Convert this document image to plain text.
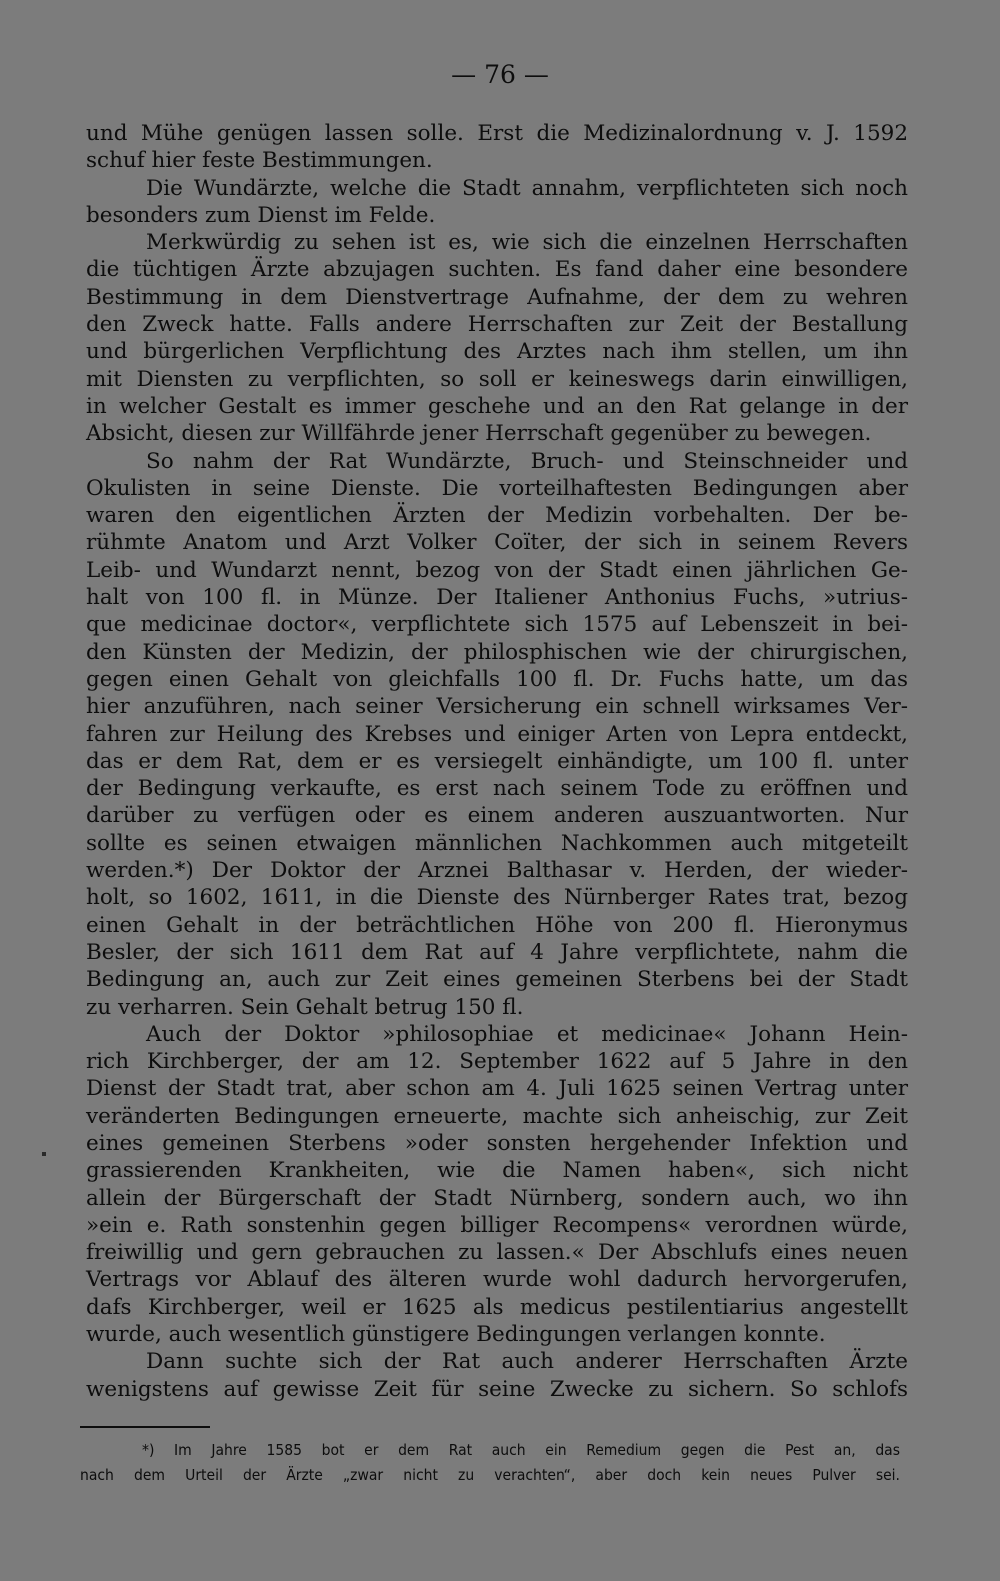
— 76 —
und Mühe genügen lassen solle. Erst die Medizinalordnung v. J. 1592
schuf hier feste Bestimmungen.
Die Wundärzte, welche die Stadt annahm, verpflichteten sich noch
besonders zum Dienst im Felde.
Merkwürdig zu sehen ist es, wie sich die einzelnen Herrschaften
die tüchtigen Ärzte abzujagen suchten. Es fand daher eine besondere
Bestimmung in dem Dienstvertrage Aufnahme, der dem zu wehren
den Zweck hatte. Falls andere Herrschaften zur Zeit der Bestallung
und bürgerlichen Verpflichtung des Arztes nach ihm stellen, um ihn
mit Diensten zu verpflichten, so soll er keineswegs darin einwilligen,
in welcher Gestalt es immer geschehe und an den Rat gelange in der
Absicht, diesen zur Willfährde jener Herrschaft gegenüber zu bewegen.
So nahm der Rat Wundärzte, Bruch- und Steinschneider und
Okulisten in seine Dienste. Die vorteilhaftesten Bedingungen aber
waren den eigentlichen Ärzten der Medizin vorbehalten. Der be-
rühmte Anatom und Arzt Volker Coïter, der sich in seinem Revers
Leib- und Wundarzt nennt, bezog von der Stadt einen jährlichen Ge-
halt von 100 fl. in Münze. Der Italiener Anthonius Fuchs, »utrius-
que medicinae doctor«, verpflichtete sich 1575 auf Lebenszeit in bei-
den Künsten der Medizin, der philosphischen wie der chirurgischen,
gegen einen Gehalt von gleichfalls 100 fl. Dr. Fuchs hatte, um das
hier anzuführen, nach seiner Versicherung ein schnell wirksames Ver-
fahren zur Heilung des Krebses und einiger Arten von Lepra entdeckt,
das er dem Rat, dem er es versiegelt einhändigte, um 100 fl. unter
der Bedingung verkaufte, es erst nach seinem Tode zu eröffnen und
darüber zu verfügen oder es einem anderen auszuantworten. Nur
sollte es seinen etwaigen männlichen Nachkommen auch mitgeteilt
werden.*) Der Doktor der Arznei Balthasar v. Herden, der wieder-
holt, so 1602, 1611, in die Dienste des Nürnberger Rates trat, bezog
einen Gehalt in der beträchtlichen Höhe von 200 fl. Hieronymus
Besler, der sich 1611 dem Rat auf 4 Jahre verpflichtete, nahm die
Bedingung an, auch zur Zeit eines gemeinen Sterbens bei der Stadt
zu verharren. Sein Gehalt betrug 150 fl.
Auch der Doktor »philosophiae et medicinae« Johann Hein-
rich Kirchberger, der am 12. September 1622 auf 5 Jahre in den
Dienst der Stadt trat, aber schon am 4. Juli 1625 seinen Vertrag unter
veränderten Bedingungen erneuerte, machte sich anheischig, zur Zeit
eines gemeinen Sterbens »oder sonsten hergehender Infektion und
grassierenden Krankheiten, wie die Namen haben«, sich nicht
allein der Bürgerschaft der Stadt Nürnberg, sondern auch, wo ihn
»ein e. Rath sonstenhin gegen billiger Recompens« verordnen würde,
freiwillig und gern gebrauchen zu lassen.« Der Abschlufs eines neuen
Vertrags vor Ablauf des älteren wurde wohl dadurch hervorgerufen,
dafs Kirchberger, weil er 1625 als medicus pestilentiarius angestellt
wurde, auch wesentlich günstigere Bedingungen verlangen konnte.
Dann suchte sich der Rat auch anderer Herrschaften Ärzte
wenigstens auf gewisse Zeit für seine Zwecke zu sichern. So schlofs
*) Im Jahre 1585 bot er dem Rat auch ein Remedium gegen die Pest an, das
nach dem Urteil der Ärzte „zwar nicht zu verachten“, aber doch kein neues Pulver sei.
